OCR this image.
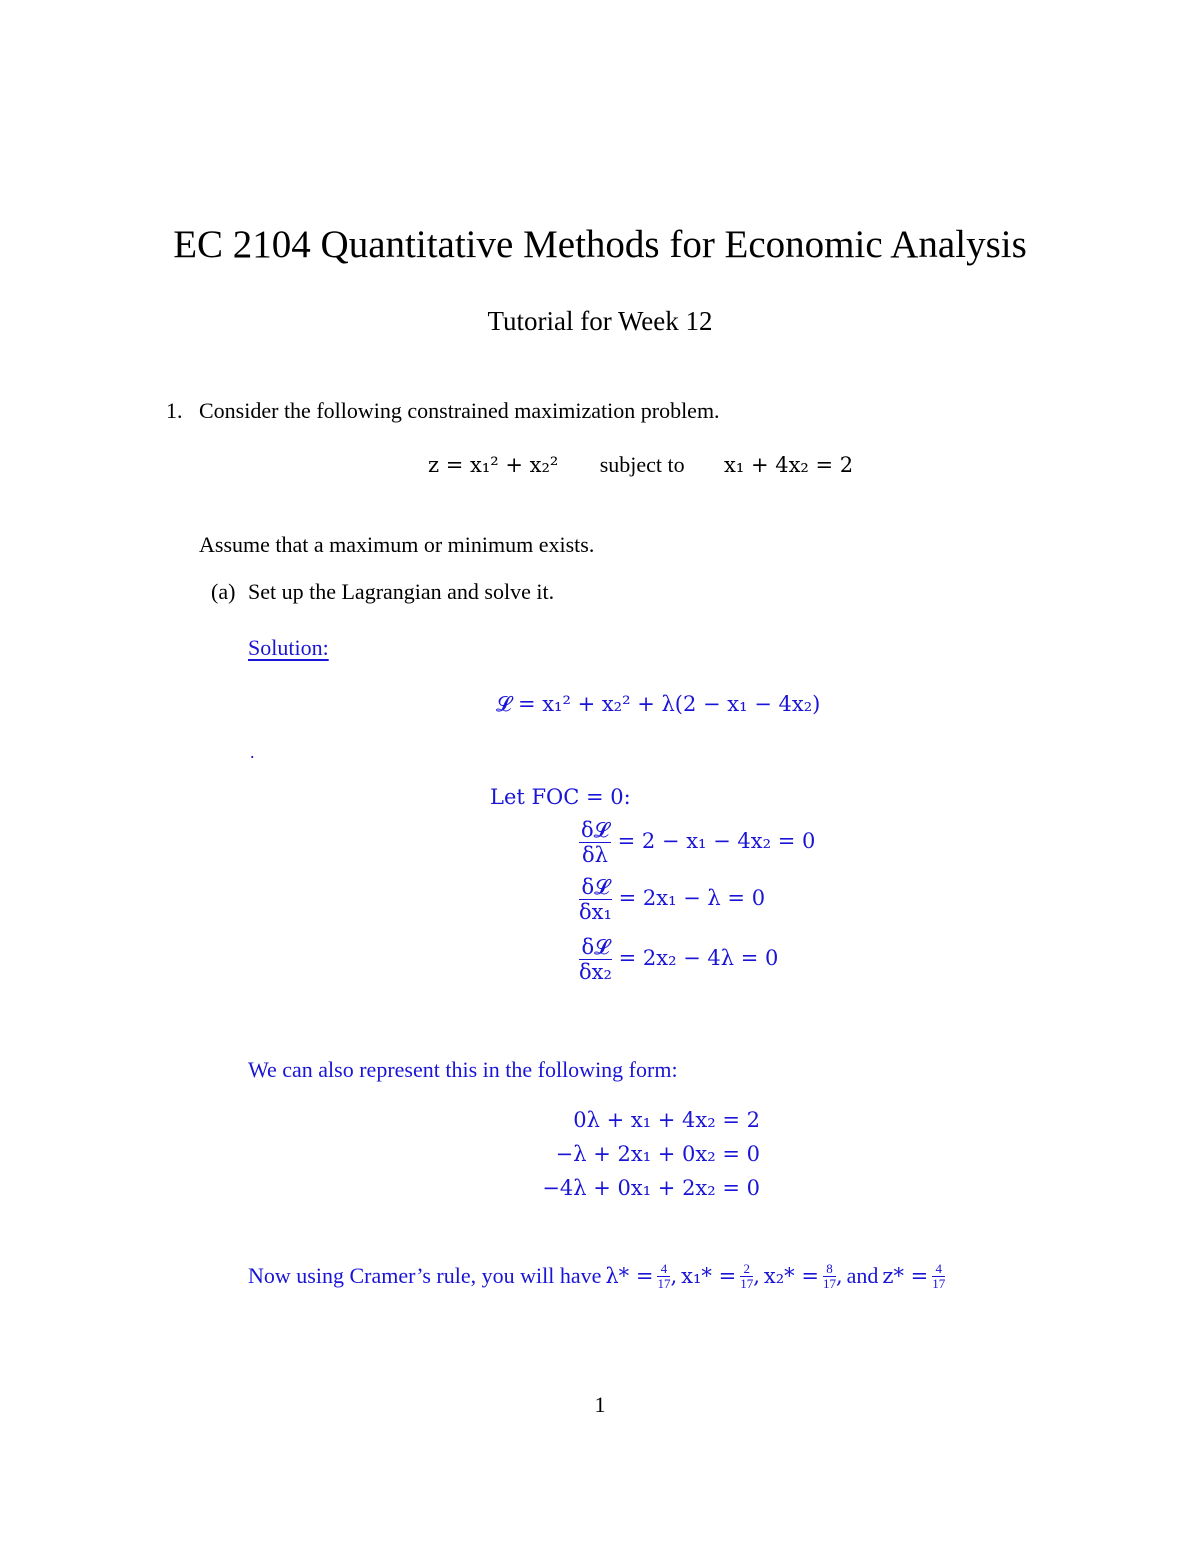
EC 2104 Quantitative Methods for Economic Analysis
Tutorial for Week 12
1. Consider the following constrained maximization problem.
z = x₁² + x₂² subject to x₁ + 4x₂ = 2
Assume that a maximum or minimum exists.
(a) Set up the Lagrangian and solve it.
Solution:
𝓛 = x₁² + x₂² + λ(2 − x₁ − 4x₂)
.
Let FOC = 0:
$\frac{\text{δ𝓛}}{\delta\lambda} = 2 - x_1 - 4x_2 = 0$
$\frac{\text{δ𝓛}}{\text{δx₁}} = 2x_1 - \lambda = 0$
$\frac{\text{δ𝓛}}{\text{δx₂}} = 2x_2 - 4\lambda = 0$
We can also represent this in the following form:
0λ + x₁ + 4x₂ = 2
−λ + 2x₁ + 0x₂ = 0
−4λ + 0x₁ + 2x₂ = 0
Now using Cramer’s rule, you will have $\lambda* = \frac{4}{17}$ , $x_1* = \frac{2}{17}$ , $x_2* = \frac{8}{17}$ , and $z* = \frac{4}{17}$
1
